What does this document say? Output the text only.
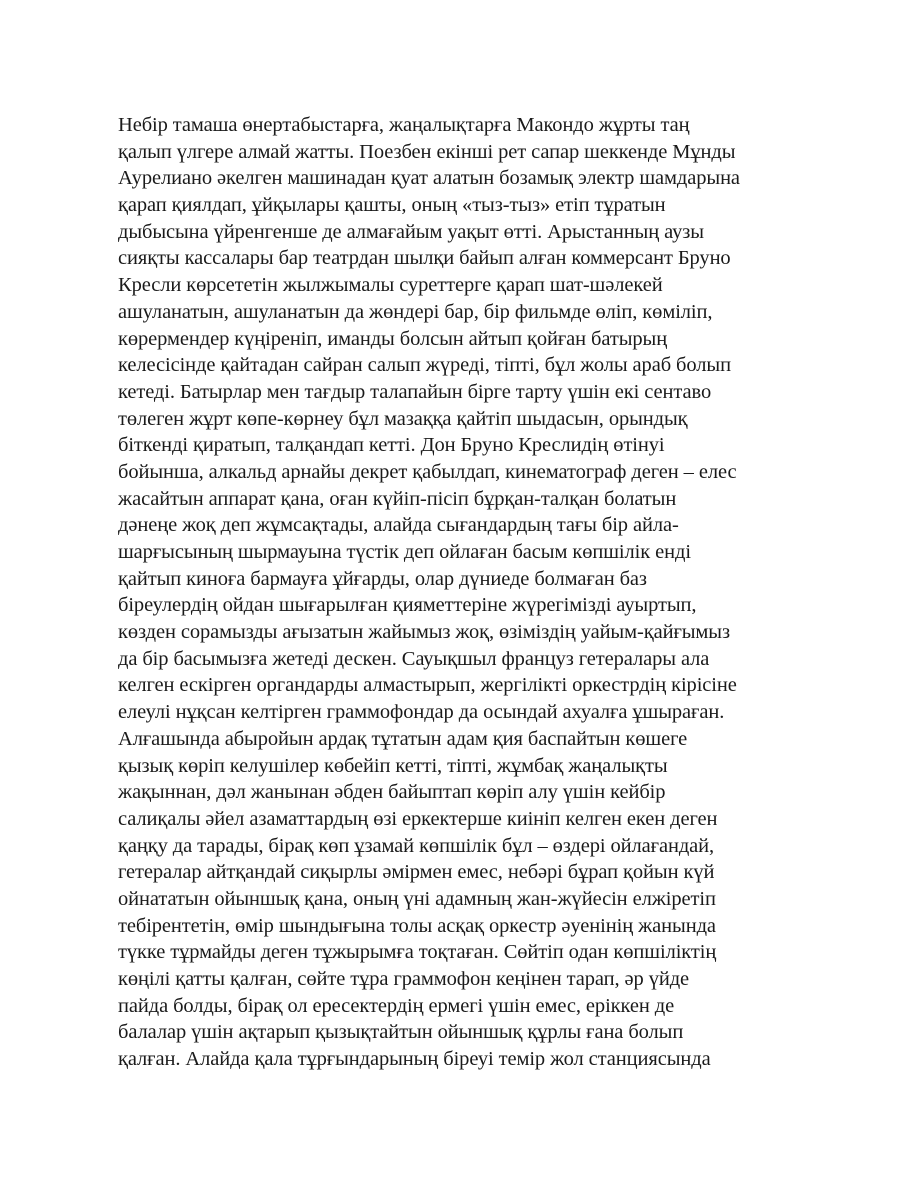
Небір тамаша өнертабыстарға, жаңалықтарға Макондо жұрты таң
қалып үлгере алмай жатты. Поезбен екінші рет сапар шеккенде Мұнды
Аурелиано әкелген машинадан қуат алатын бозамық электр шамдарына
қарап қиялдап, ұйқылары қашты, оның «тыз-тыз» етіп тұратын
дыбысына үйренгенше де алмағайым уақыт өтті. Арыстанның аузы
сияқты кассалары бар театрдан шылқи байып алған коммерсант Бруно
Кресли көрсететін жылжымалы суреттерге қарап шат-шәлекей
ашуланатын, ашуланатын да жөндері бар, бір фильмде өліп, көміліп,
көрермендер күңіреніп, иманды болсын айтып қойған батырың
келесісінде қайтадан сайран салып жүреді, тіпті, бұл жолы араб болып
кетеді. Батырлар мен тағдыр талапайын бірге тарту үшін екі сентаво
төлеген жұрт көпе-көрнеу бұл мазаққа қайтіп шыдасын, орындық
біткенді қиратып, талқандап кетті. Дон Бруно Креслидің өтінуі
бойынша, алкальд арнайы декрет қабылдап, кинематограф деген – елес
жасайтын аппарат қана, оған күйіп-пісіп бұрқан-талқан болатын
дәнеңе жоқ деп жұмсақтады, алайда сығандардың тағы бір айла-
шарғысының шырмауына түстік деп ойлаған басым көпшілік енді
қайтып киноға бармауға ұйғарды, олар дүниеде болмаған баз
біреулердің ойдан шығарылған қияметтеріне жүрегімізді ауыртып,
көзден сорамызды ағызатын жайымыз жоқ, өзіміздің уайым-қайғымыз
да бір басымызға жетеді дескен. Сауықшыл француз гетералары ала
келген ескірген органдарды алмастырып, жергілікті оркестрдің кірісіне
елеулі нұқсан келтірген граммофондар да осындай ахуалға ұшыраған.
Алғашында абыройын ардақ тұтатын адам қия баспайтын көшеге
қызық көріп келушілер көбейіп кетті, тіпті, жұмбақ жаңалықты
жақыннан, дәл жанынан әбден байыптап көріп алу үшін кейбір
салиқалы әйел азаматтардың өзі еркектерше киініп келген екен деген
қаңқу да тарады, бірақ көп ұзамай көпшілік бұл – өздері ойлағандай,
гетералар айтқандай сиқырлы әмірмен емес, небәрі бұрап қойын күй
ойнататын ойыншық қана, оның үні адамның жан-жүйесін елжіретіп
тебірентетін, өмір шындығына толы асқақ оркестр әуенінің жанында
түкке тұрмайды деген тұжырымға тоқтаған. Сөйтіп одан көпшіліктің
көңілі қатты қалған, сөйте тұра граммофон кеңінен тарап, әр үйде
пайда болды, бірақ ол ересектердің ермегі үшін емес, еріккен де
балалар үшін ақтарып қызықтайтын ойыншық құрлы ғана болып
қалған. Алайда қала тұрғындарының біреуі темір жол станциясында
